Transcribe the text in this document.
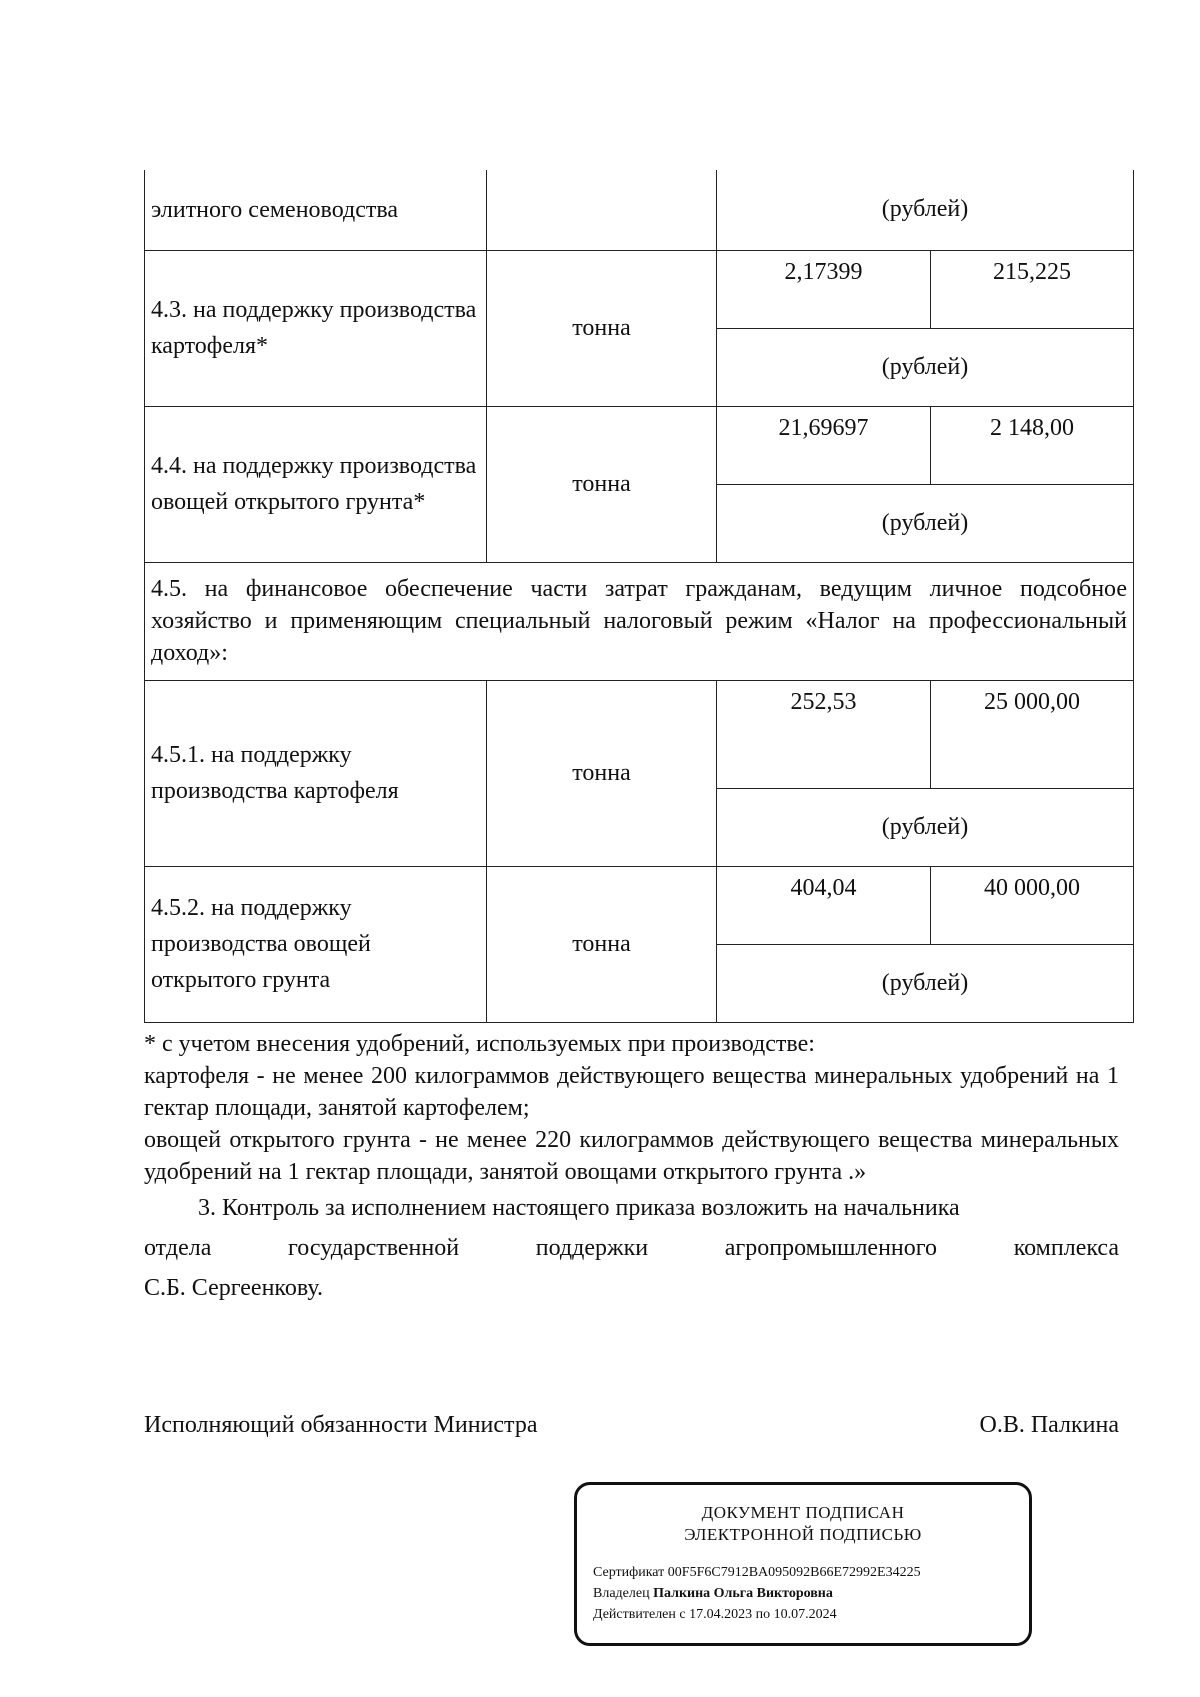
элитного семеноводства		(рублей)	
4.3. на поддержку производства картофеля*	тонна	2,17399	215,225
		(рублей)	
4.4. на поддержку производства овощей открытого грунта*	тонна	21,69697	2 148,00
		(рублей)	
4.5. на финансовое обеспечение части затрат гражданам, ведущим личное подсобное хозяйство и применяющим специальный налоговый режим «Налог на профессиональный доход»:			
4.5.1. на поддержку производства картофеля	тонна	252,53	25 000,00
		(рублей)	
4.5.2. на поддержку производства овощей открытого грунта	тонна	404,04	40 000,00
		(рублей)	

* с учетом внесения удобрений, используемых при производстве:

картофеля - не менее 200 килограммов действующего вещества минеральных удобрений на 1 гектар площади, занятой картофелем;

овощей открытого грунта - не менее 220 килограммов действующего вещества минеральных удобрений на 1 гектар площади, занятой овощами открытого грунта .»

3. Контроль за исполнением настоящего приказа возложить на начальника

отдела государственной поддержки агропромышленного комплекса

С.Б. Сергеенкову.

Исполняющий обязанности Министра	О.В. Палкина
ДОКУМЕНТ ПОДПИСАН
ЭЛЕКТРОННОЙ ПОДПИСЬЮ
Сертификат 00F5F6C7912BA095092B66E72992E34225
Владелец Палкина Ольга Викторовна
Действителен с 17.04.2023 по 10.07.2024
